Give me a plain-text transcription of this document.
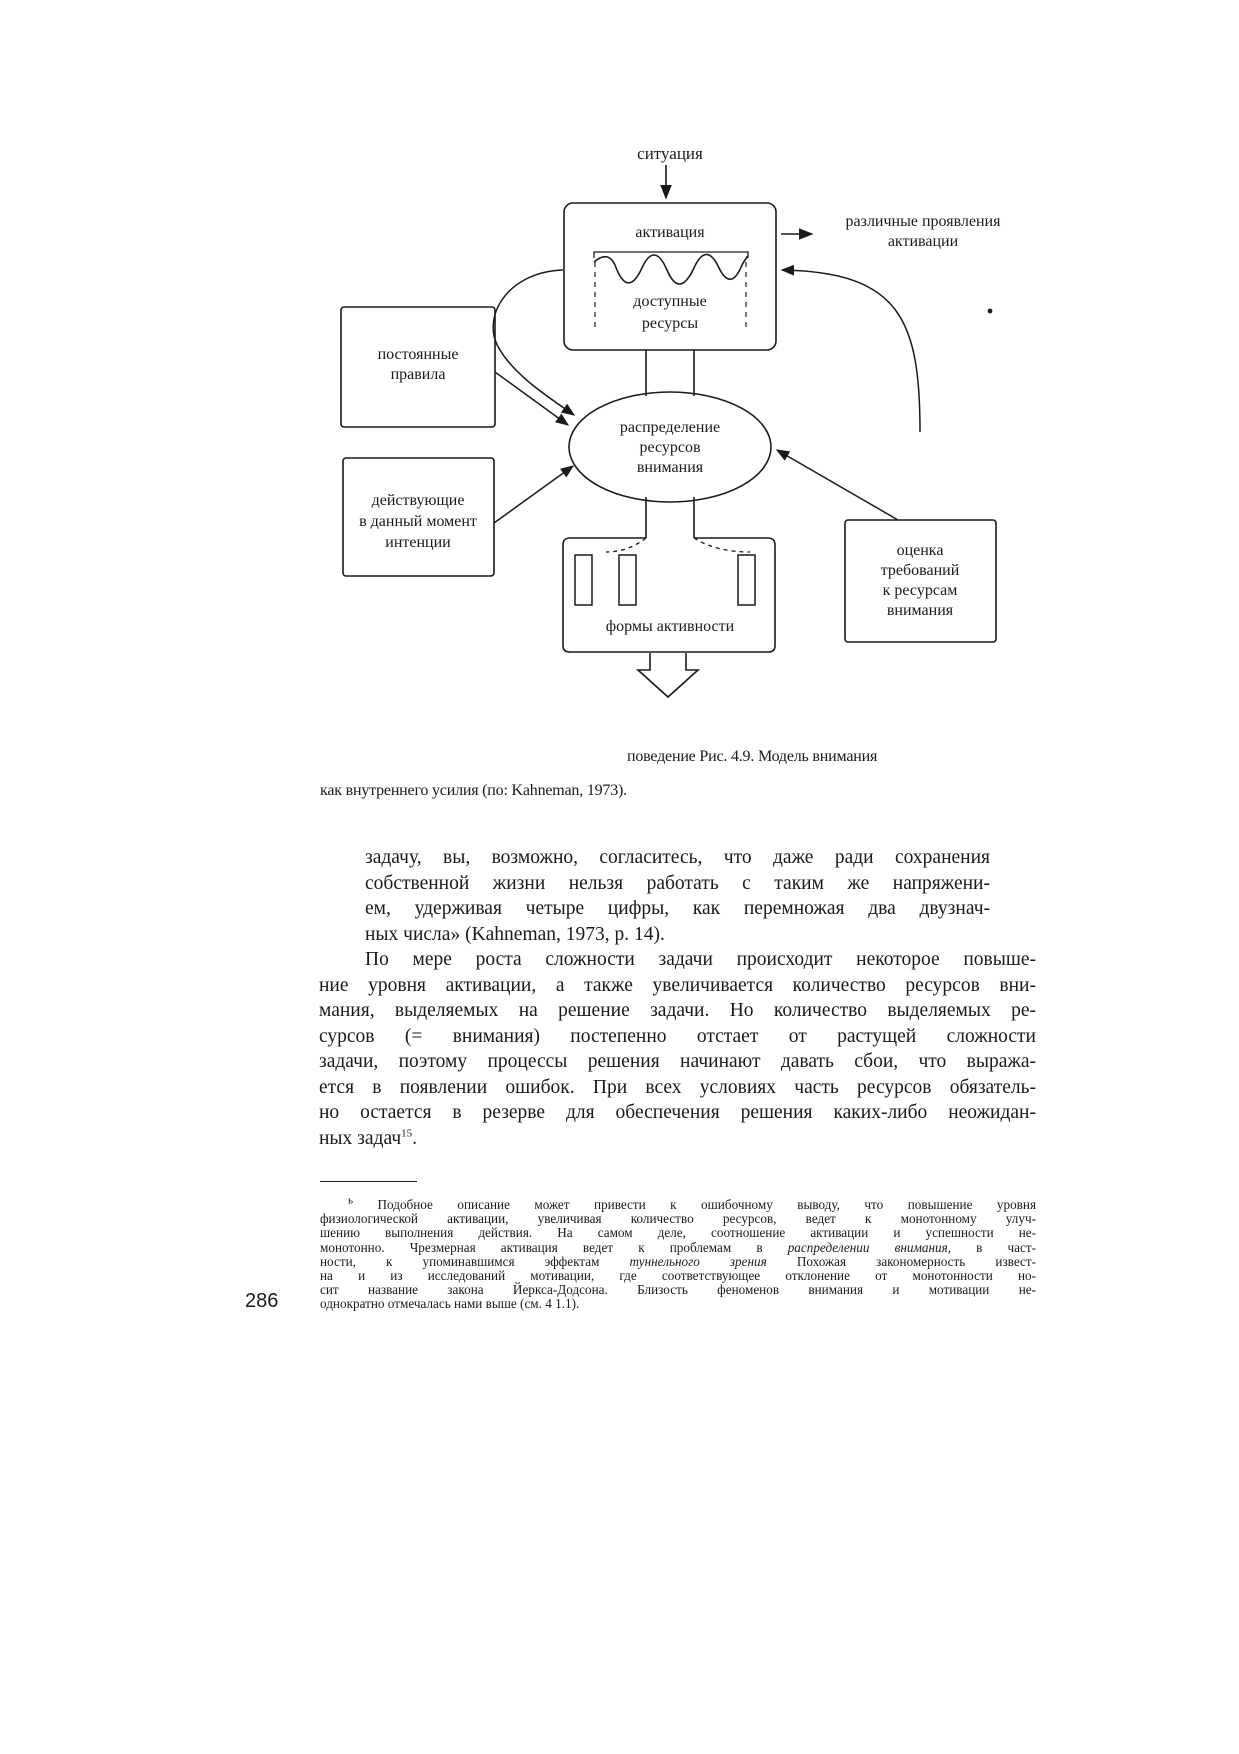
ситуация
активация
доступные
ресурсы
различные проявления
активации
распределение
ресурсов
внимания
постоянные
правила
действующие
в данный момент
интенции	оценка
требований
к ресурсам
внимания
формы активности
поведение Рис. 4.9. Модель внимания
как внутреннего усилия (по: Kahneman, 1973).
задачу, вы, возможно, согласитесь, что даже ради сохранения
собственной жизни нельзя работать с таким же напряжени-
ем, удерживая четыре цифры, как перемножая два двузнач-
ных числа» (Kahneman, 1973, p. 14).
По мере роста сложности задачи происходит некоторое повыше-
ние уровня активации, а также увеличивается количество ресурсов вни-
мания, выделяемых на решение задачи. Но количество выделяемых ре-
сурсов (= внимания) постепенно отстает от растущей сложности
задачи, поэтому процессы решения начинают давать сбои, что выража-
ется в появлении ошибок. При всех условиях часть ресурсов обязатель-
но остается в резерве для обеспечения решения каких-либо неожидан-
ных задач$^{15}$.
$^ь$ Подобное описание может привести к ошибочному выводу, что повышение уровня
физиологической активации, увеличивая количество ресурсов, ведет к монотонному улуч-
шению выполнения действия. На самом деле, соотношение активации и успешности не-
монотонно. Чрезмерная активация ведет к проблемам в распределении внимания, в част-
ности, к упоминавшимся эффектам туннельного зрения Похожая закономерность извест-
на и из исследований мотивации, где соответствующее отклонение от монотонности но-
сит название закона Йеркса-Додсона. Близость феноменов внимания и мотивации не-
однократно отмечалась нами выше (см. 4 1.1).
286
